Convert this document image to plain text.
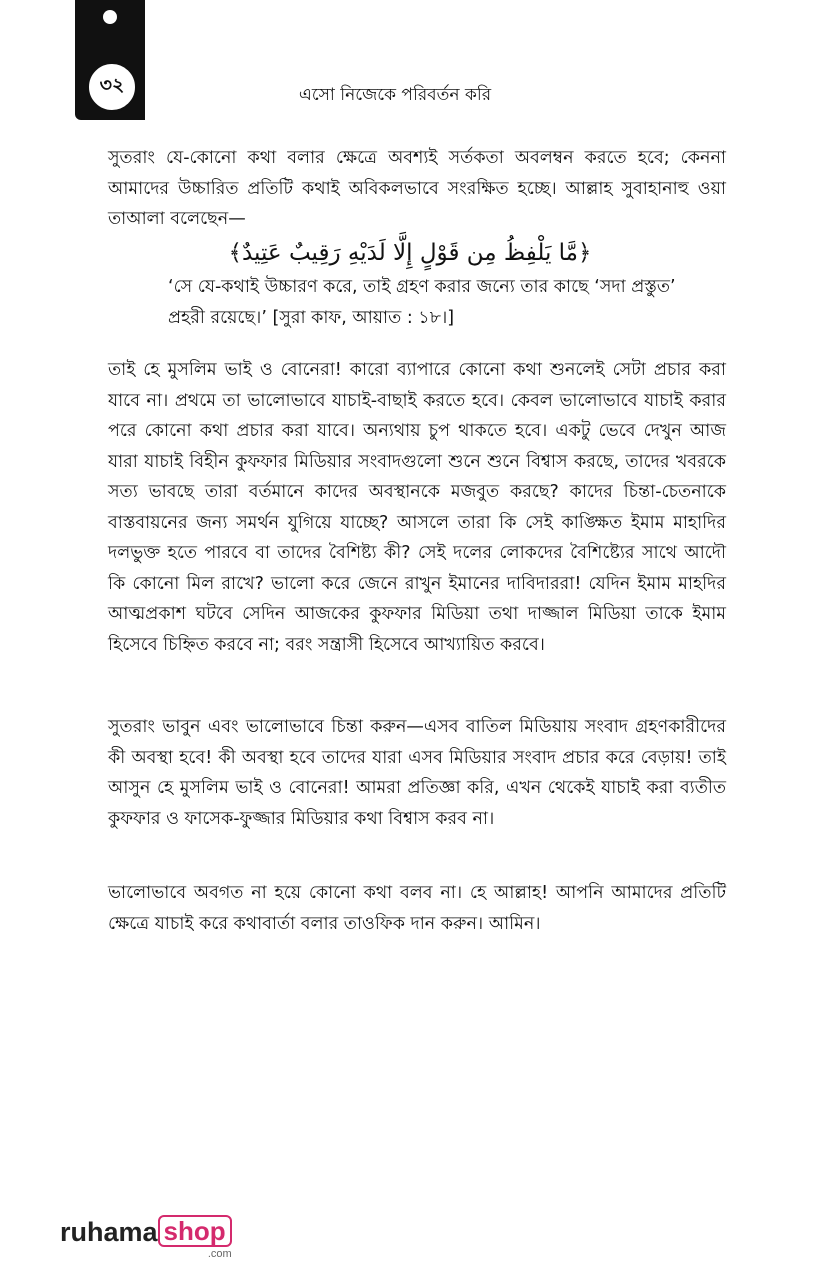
৩২	এসো নিজেকে পরিবর্তন করি

সুতরাং যে-কোনো কথা বলার ক্ষেত্রে অবশ্যই সর্তকতা অবলম্বন করতে হবে; কেননা আমাদের উচ্চারিত প্রতিটি কথাই অবিকলভাবে সংরক্ষিত হচ্ছে। আল্লাহ সুবাহানাহু ওয়া তাআলা বলেছেন—

﴿مَّا يَلْفِظُ مِن قَوْلٍ إِلَّا لَدَيْهِ رَقِيبٌ عَتِيدٌ﴾

‘সে যে-কথাই উচ্চারণ করে, তাই গ্রহণ করার জন্যে তার কাছে ‘সদা প্রস্তুত’ প্রহরী রয়েছে।’ [সুরা কাফ, আয়াত : ১৮।]

তাই হে মুসলিম ভাই ও বোনেরা! কারো ব্যাপারে কোনো কথা শুনলেই সেটা প্রচার করা যাবে না। প্রথমে তা ভালোভাবে যাচাই-বাছাই করতে হবে। কেবল ভালোভাবে যাচাই করার পরে কোনো কথা প্রচার করা যাবে। অন্যথায় চুপ থাকতে হবে। একটু ভেবে দেখুন আজ যারা যাচাই বিহীন কুফফার মিডিয়ার সংবাদগুলো শুনে শুনে বিশ্বাস করছে, তাদের খবরকে সত্য ভাবছে তারা বর্তমানে কাদের অবস্থানকে মজবুত করছে? কাদের চিন্তা-চেতনাকে বাস্তবায়নের জন্য সমর্থন যুগিয়ে যাচ্ছে? আসলে তারা কি সেই কাঙ্ক্ষিত ইমাম মাহাদির দলভুক্ত হতে পারবে বা তাদের বৈশিষ্ট্য কী? সেই দলের লোকদের বৈশিষ্ট্যের সাথে আদৌ কি কোনো মিল রাখে? ভালো করে জেনে রাখুন ইমানের দাবিদাররা! যেদিন ইমাম মাহদির আত্মপ্রকাশ ঘটবে সেদিন আজকের কুফফার মিডিয়া তথা দাজ্জাল মিডিয়া তাকে ইমাম হিসেবে চিহ্নিত করবে না; বরং সন্ত্রাসী হিসেবে আখ্যায়িত করবে।

সুতরাং ভাবুন এবং ভালোভাবে চিন্তা করুন—এসব বাতিল মিডিয়ায় সংবাদ গ্রহণকারীদের কী অবস্থা হবে! কী অবস্থা হবে তাদের যারা এসব মিডিয়ার সংবাদ প্রচার করে বেড়ায়! তাই আসুন হে মুসলিম ভাই ও বোনেরা! আমরা প্রতিজ্ঞা করি, এখন থেকেই যাচাই করা ব্যতীত কুফফার ও ফাসেক-ফুজ্জার মিডিয়ার কথা বিশ্বাস করব না।

ভালোভাবে অবগত না হয়ে কোনো কথা বলব না। হে আল্লাহ! আপনি আমাদের প্রতিটি ক্ষেত্রে যাচাই করে কথাবার্তা বলার তাওফিক দান করুন। আমিন।

ruhama shop
.com
